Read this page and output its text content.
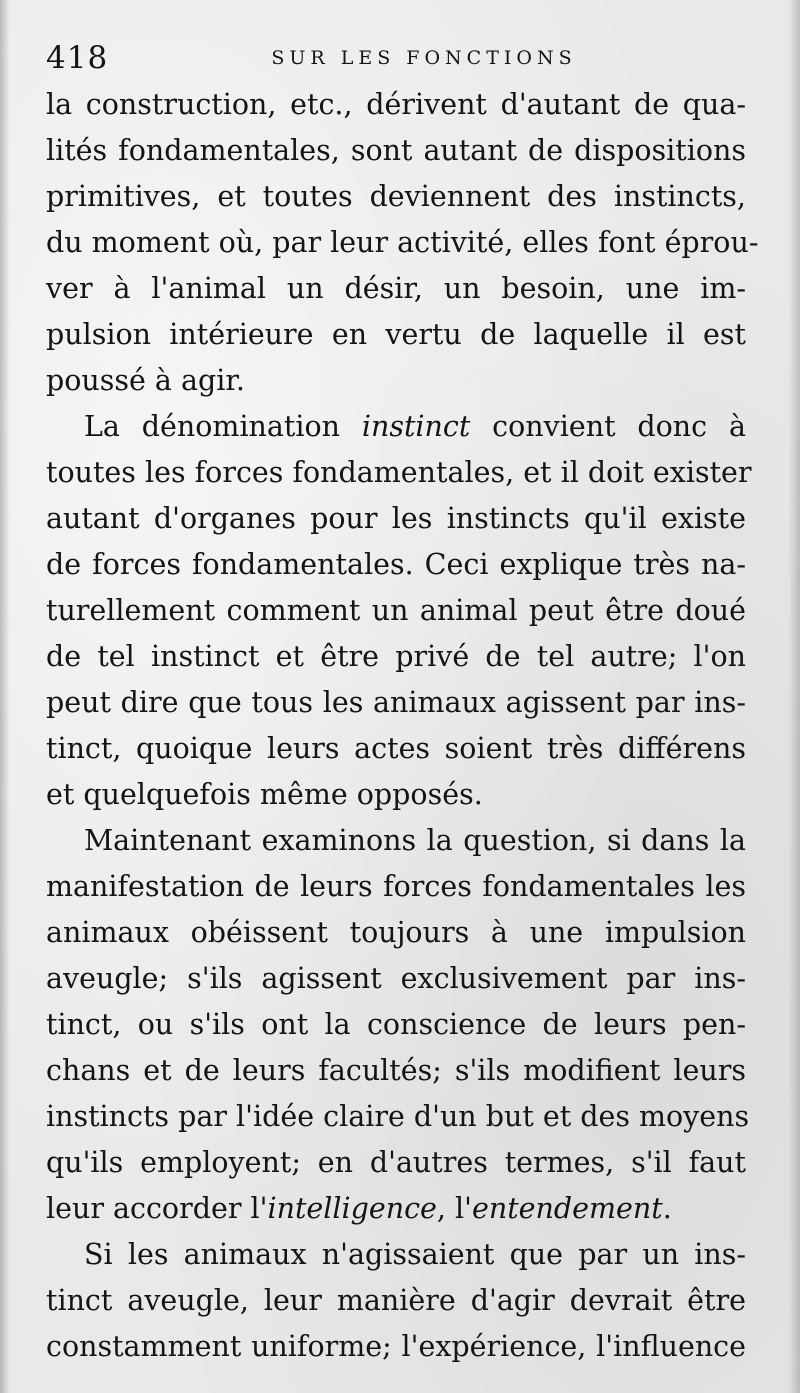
418	SUR LES FONCTIONS
la construction, etc., dérivent d'autant de qua-
lités fondamentales, sont autant de dispositions
primitives, et toutes deviennent des instincts,
du moment où, par leur activité, elles font éprou-
ver à l'animal un désir, un besoin, une im-
pulsion intérieure en vertu de laquelle il est
poussé à agir.
La dénomination instinct convient donc à
toutes les forces fondamentales, et il doit exister
autant d'organes pour les instincts qu'il existe
de forces fondamentales. Ceci explique très na-
turellement comment un animal peut être doué
de tel instinct et être privé de tel autre; l'on
peut dire que tous les animaux agissent par ins-
tinct, quoique leurs actes soient très différens
et quelquefois même opposés.
Maintenant examinons la question, si dans la
manifestation de leurs forces fondamentales les
animaux obéissent toujours à une impulsion
aveugle; s'ils agissent exclusivement par ins-
tinct, ou s'ils ont la conscience de leurs pen-
chans et de leurs facultés; s'ils modifient leurs
instincts par l'idée claire d'un but et des moyens
qu'ils employent; en d'autres termes, s'il faut
leur accorder l'intelligence, l'entendement.
Si les animaux n'agissaient que par un ins-
tinct aveugle, leur manière d'agir devrait être
constamment uniforme; l'expérience, l'influence
